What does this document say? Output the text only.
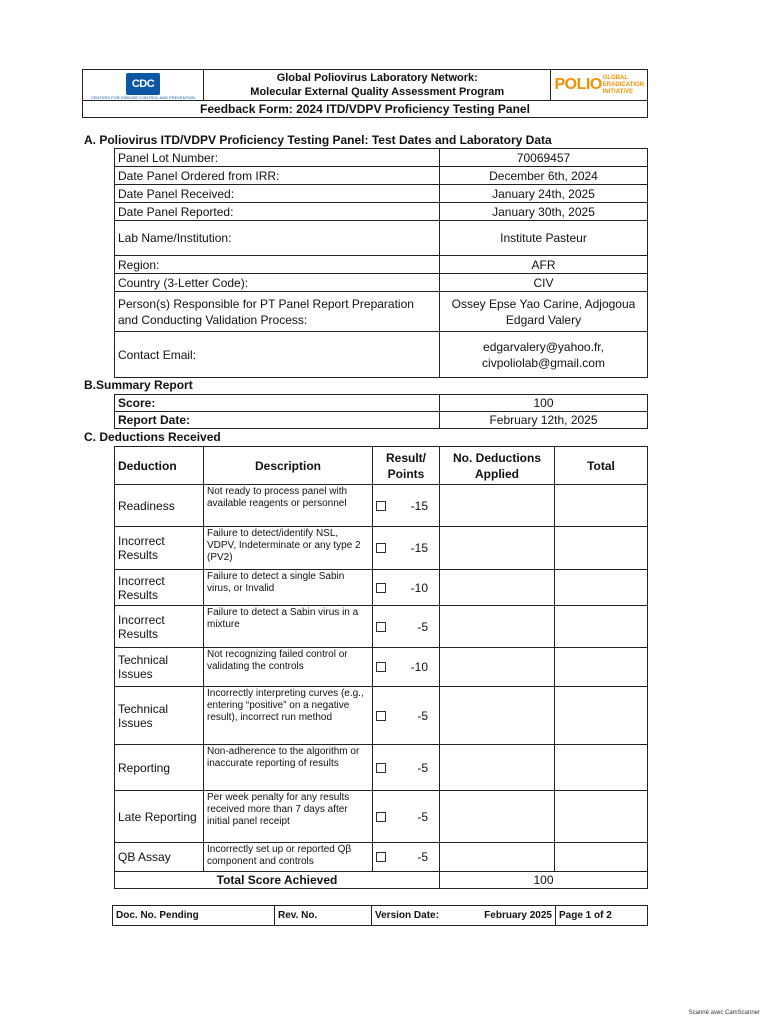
CDC
CENTERS FOR DISEASE CONTROL AND PREVENTION

Global Poliovirus Laboratory Network:
Molecular External Quality Assessment Program	POLIO GLOBAL
ERADICATION
INITIATIVE

Feedback Form: 2024 ITD/VDPV Proficiency Testing Panel
A. Poliovirus ITD/VDPV Proficiency Testing Panel: Test Dates and Laboratory Data
Panel Lot Number:	70069457
Date Panel Ordered from IRR:	December 6th, 2024
Date Panel Received:	January 24th, 2025
Date Panel Reported:	January 30th, 2025
Lab Name/Institution:	Institute Pasteur
Region:	AFR
Country (3-Letter Code):	CIV
Person(s) Responsible for PT Panel Report Preparation and Conducting Validation Process:	Ossey Epse Yao Carine, Adjogoua Edgard Valery
Contact Email:	edgarvalery@yahoo.fr, civpoliolab@gmail.com
B.Summary Report
Score:	100
Report Date:	February 12th, 2025
C. Deductions Received
Deduction	Description	Result/ Points	No. Deductions Applied	Total
Readiness	Not ready to process panel with available reagents or personnel	-15		

Incorrect Results	Failure to detect/identify NSL, VDPV, Indeterminate or any type 2 (PV2)	-15		

Incorrect Results	Failure to detect a single Sabin virus, or Invalid	-10		

Incorrect Results	Failure to detect a Sabin virus in a mixture	-5		

Technical Issues	Not recognizing failed control or validating the controls	-10		

Technical Issues	Incorrectly interpreting curves (e.g., entering “positive” on a negative result), incorrect run method	-5		

Reporting	Non-adherence to the algorithm or inaccurate reporting of results	-5		

Late Reporting	Per week penalty for any results received more than 7 days after initial panel receipt	-5		

QB Assay	Incorrectly set up or reported Qβ component and controls	-5		

Total Score Achieved			100	
Doc. No. Pending	Rev. No.	Version Date:	February 2025	Page 1 of 2
Scanné avec CamScanner
